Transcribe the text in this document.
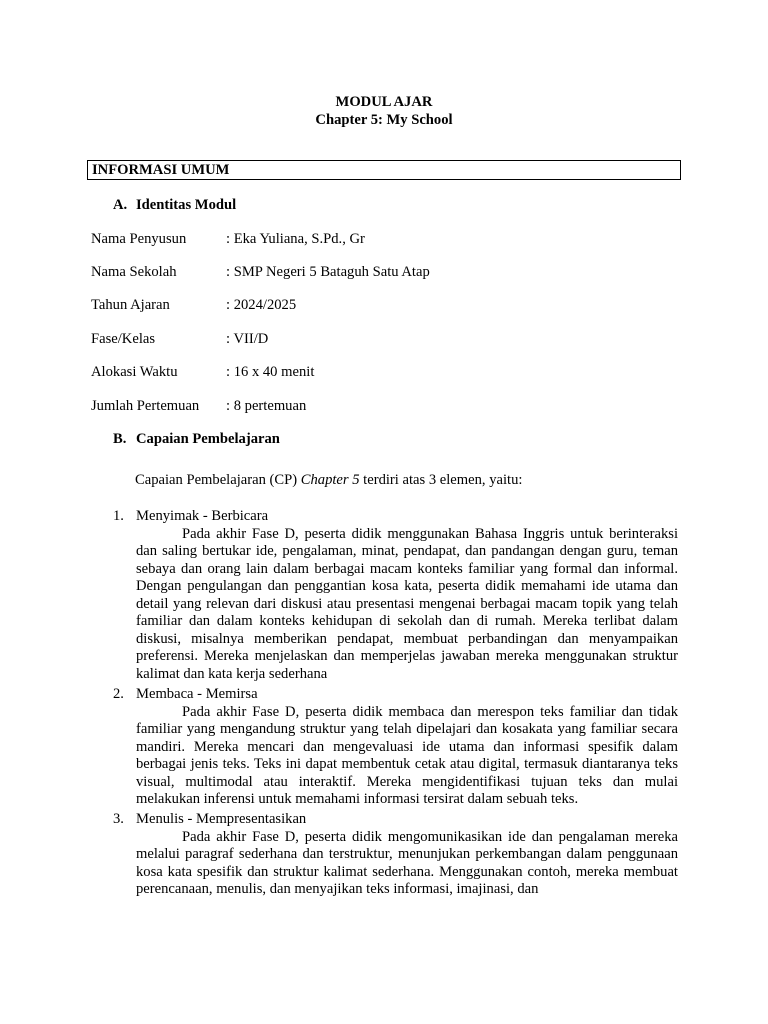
MODUL AJAR
Chapter 5: My School
INFORMASI UMUM
A. Identitas Modul
Nama Penyusun	: Eka Yuliana, S.Pd., Gr
Nama Sekolah	: SMP Negeri 5 Bataguh Satu Atap
Tahun Ajaran	: 2024/2025
Fase/Kelas	: VII/D
Alokasi Waktu	: 16 x 40 menit
Jumlah Pertemuan : 8 pertemuan
B. Capaian Pembelajaran
Capaian Pembelajaran (CP) Chapter 5 terdiri atas 3 elemen, yaitu:
1. Menyimak - Berbicara

Pada akhir Fase D, peserta didik menggunakan Bahasa Inggris untuk berinteraksi dan saling bertukar ide, pengalaman, minat, pendapat, dan pandangan dengan guru, teman sebaya dan orang lain dalam berbagai macam konteks familiar yang formal dan informal. Dengan pengulangan dan penggantian kosa kata, peserta didik memahami ide utama dan detail yang relevan dari diskusi atau presentasi mengenai berbagai macam topik yang telah familiar dan dalam konteks kehidupan di sekolah dan di rumah. Mereka terlibat dalam diskusi, misalnya memberikan pendapat, membuat perbandingan dan menyampaikan preferensi. Mereka menjelaskan dan memperjelas jawaban mereka menggunakan struktur kalimat dan kata kerja sederhana

2. Membaca - Memirsa

Pada akhir Fase D, peserta didik membaca dan merespon teks familiar dan tidak familiar yang mengandung struktur yang telah dipelajari dan kosakata yang familiar secara mandiri. Mereka mencari dan mengevaluasi ide utama dan informasi spesifik dalam berbagai jenis teks. Teks ini dapat membentuk cetak atau digital, termasuk diantaranya teks visual, multimodal atau interaktif. Mereka mengidentifikasi tujuan teks dan mulai melakukan inferensi untuk memahami informasi tersirat dalam sebuah teks.

3. Menulis - Mempresentasikan

Pada akhir Fase D, peserta didik mengomunikasikan ide dan pengalaman mereka melalui paragraf sederhana dan terstruktur, menunjukan perkembangan dalam penggunaan kosa kata spesifik dan struktur kalimat sederhana. Menggunakan contoh, mereka membuat perencanaan, menulis, dan menyajikan teks informasi, imajinasi, dan
